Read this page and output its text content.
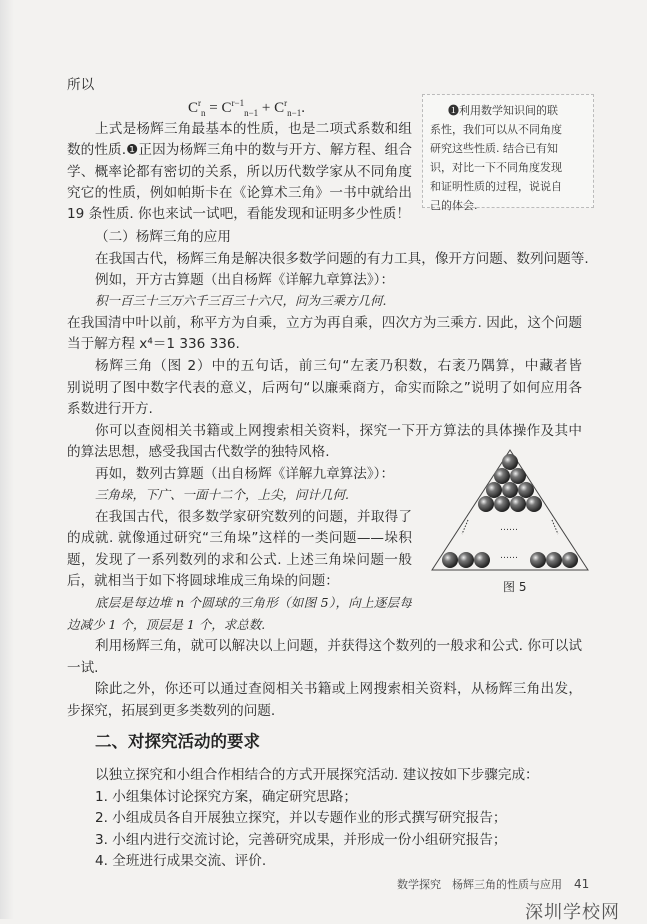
所以
$C^r_n = C^{r-1}_{n-1} + C^r_{n-1}$.
上式是杨辉三角最基本的性质，也是二项式系数和组
数的性质.❶正因为杨辉三角中的数与开方、解方程、组合
学、概率论都有密切的关系，所以历代数学家从不同角度
究它的性质，例如帕斯卡在《论算术三角》一书中就给出
19 条性质. 你也来试一试吧，看能发现和证明多少性质！
❶利用数学知识间的联
系性，我们可以从不同角度
研究这些性质. 结合已有知
识，对比一下不同角度发现
和证明性质的过程，说说自
己的体会.
（二）杨辉三角的应用
在我国古代，杨辉三角是解决很多数学问题的有力工具，像开方问题、数列问题等.
例如，开方古算题（出自杨辉《详解九章算法》）：
积一百三十三万六千三百三十六尺，问为三乘方几何.
在我国清中叶以前，称平方为自乘，立方为再自乘，四次方为三乘方. 因此，这个问题
当于解方程 x⁴＝1 336 336.
杨辉三角（图 2）中的五句话，前三句“左袤乃积数，右袤乃隅算，中藏者皆
别说明了图中数字代表的意义，后两句“以廉乘商方，命实而除之”说明了如何应用各
系数进行开方.
你可以查阅相关书籍或上网搜索相关资料，探究一下开方算法的具体操作及其中
的算法思想，感受我国古代数学的独特风格.
再如，数列古算题（出自杨辉《详解九章算法》）：
三角垛，下广、一面十二个，上尖，问计几何.
在我国古代，很多数学家研究数列的问题，并取得了
的成就. 就像通过研究“三角垛”这样的一类问题——垛积
题，发现了一系列数列的求和公式. 上述三角垛问题一般
后，就相当于如下将圆球堆成三角垛的问题：
底层是每边堆 n 个圆球的三角形（如图 5），向上逐层每
边减少 1 个，顶层是 1 个，求总数.
利用杨辉三角，就可以解决以上问题，并获得这个数列的一般求和公式. 你可以试
一试.
除此之外，你还可以通过查阅相关书籍或上网搜索相关资料，从杨辉三角出发，
步探究，拓展到更多类数列的问题.
二、对探究活动的要求
以独立探究和小组合作相结合的方式开展探究活动. 建议按如下步骤完成：
1. 小组集体讨论探究方案，确定研究思路；
2. 小组成员各自开展独立探究，并以专题作业的形式撰写研究报告；
3. 小组内进行交流讨论，完善研究成果，并形成一份小组研究报告；
4. 全班进行成果交流、评价.
……
……
图 5
数学探究　杨辉三角的性质与应用 41
深圳学校网
